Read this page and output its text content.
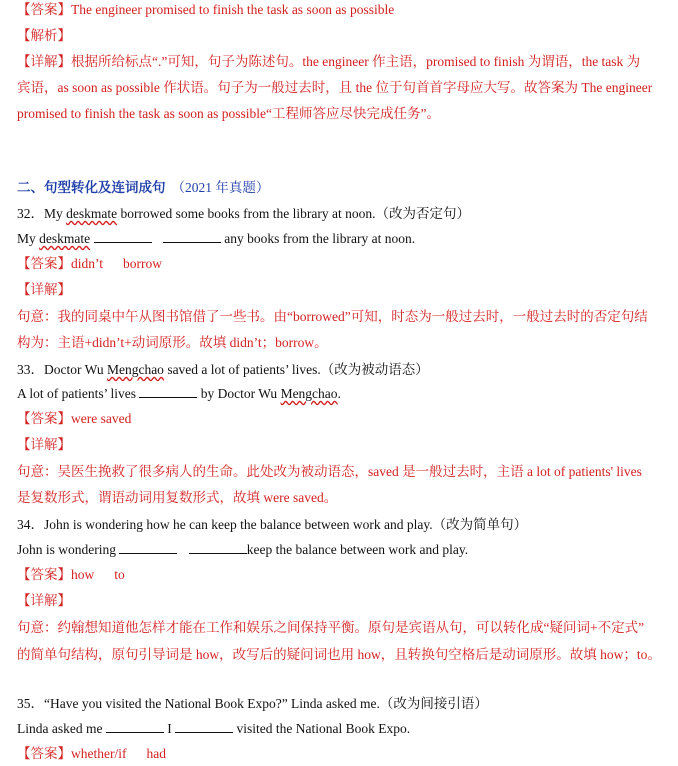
【答案】The engineer promised to finish the task as soon as possible
【解析】
【详解】根据所给标点“.”可知，句子为陈述句。the engineer 作主语，promised to finish 为谓语，the task 为
宾语，as soon as possible 作状语。句子为一般过去时，且 the 位于句首首字母应大写。故答案为 The engineer
promised to finish the task as soon as possible“工程师答应尽快完成任务”。
二、句型转化及连词成句 （2021 年真题）
32．My deskmate borrowed some books from the library at noon.（改为否定句）
My deskmate	any books from the library at noon.
【答案】didn’t borrow
【详解】
句意：我的同桌中午从图书馆借了一些书。由“borrowed”可知，时态为一般过去时，一般过去时的否定句结
构为：主语+didn’t+动词原形。故填 didn’t；borrow。
33．Doctor Wu Mengchao saved a lot of patients’ lives.（改为被动语态）
A lot of patients’ lives	by Doctor Wu Mengchao.
【答案】were saved
【详解】
句意：吴医生挽救了很多病人的生命。此处改为被动语态，saved 是一般过去时，主语 a lot of patients' lives
是复数形式，谓语动词用复数形式，故填 were saved。
34．John is wondering how he can keep the balance between work and play.（改为简单句）
John is wondering	keep the balance between work and play.
【答案】how to
【详解】
句意：约翰想知道他怎样才能在工作和娱乐之间保持平衡。原句是宾语从句，可以转化成“疑问词+不定式”
的简单句结构，原句引导词是 how，改写后的疑问词也用 how，且转换句空格后是动词原形。故填 how；to。
35．“Have you visited the National Book Expo?” Linda asked me.（改为间接引语）
Linda asked me	I	visited the National Book Expo.
【答案】whether/if had
